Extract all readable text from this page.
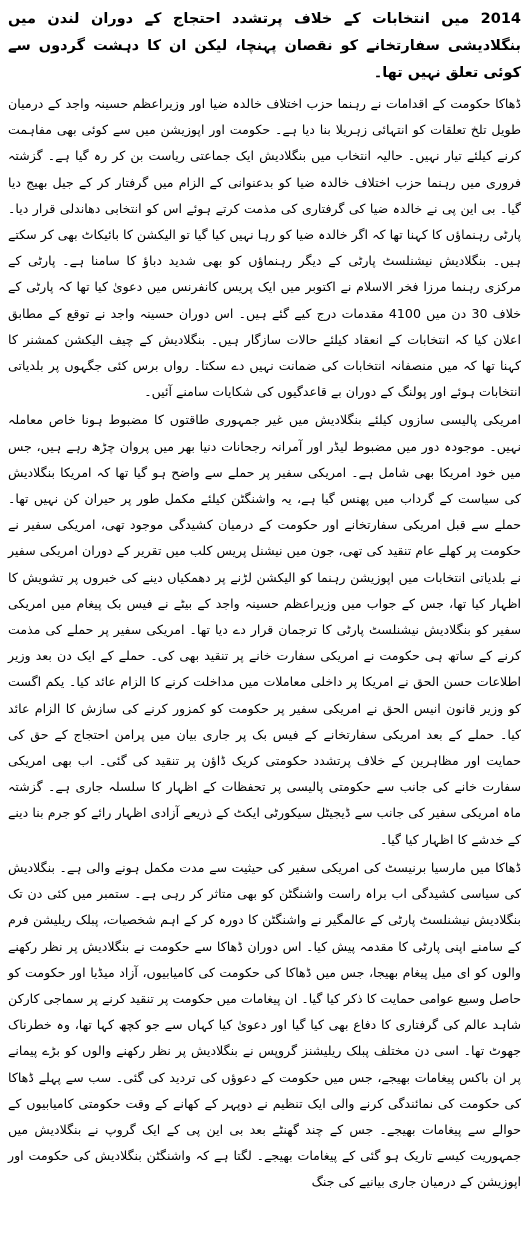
2014 میں انتخابات کے خلاف پرتشدد احتجاج کے دوران لندن میں بنگلادیشی سفارتخانے کو نقصان پہنچا، لیکن ان کا دہشت گردوں سے کوئی تعلق نہیں تھا۔

ڈھاکا حکومت کے اقدامات نے رہنما حزب اختلاف خالدہ ضیا اور وزیراعظم حسینہ واجد کے درمیان طویل تلخ تعلقات کو انتہائی زہریلا بنا دیا ہے۔ حکومت اور اپوزیشن میں سے کوئی بھی مفاہمت کرنے کیلئے تیار نہیں۔ حالیہ انتخاب میں بنگلادیش ایک جماعتی ریاست بن کر رہ گیا ہے۔ گزشتہ فروری میں رہنما حزب اختلاف خالدہ ضیا کو بدعنوانی کے الزام میں گرفتار کر کے جیل بھیج دیا گیا۔ بی این پی نے خالدہ ضیا کی گرفتاری کی مذمت کرتے ہوئے اس کو انتخابی دھاندلی قرار دیا۔ پارٹی رہنماؤں کا کہنا تھا کہ اگر خالدہ ضیا کو رہا نہیں کیا گیا تو الیکشن کا بائیکاٹ بھی کر سکتے ہیں۔ بنگلادیش نیشنلسٹ پارٹی کے دیگر رہنماؤں کو بھی شدید دباؤ کا سامنا ہے۔ پارٹی کے مرکزی رہنما مرزا فخر الاسلام نے اکتوبر میں ایک پریس کانفرنس میں دعویٰ کیا تھا کہ پارٹی کے خلاف 30 دن میں 4100 مقدمات درج کیے گئے ہیں۔ اس دوران حسینہ واجد نے توقع کے مطابق اعلان کیا کہ انتخابات کے انعقاد کیلئے حالات سازگار ہیں۔ بنگلادیش کے چیف الیکشن کمشنر کا کہنا تھا کہ میں منصفانہ انتخابات کی ضمانت نہیں دے سکتا۔ رواں برس کئی جگہوں پر بلدیاتی انتخابات ہوئے اور پولنگ کے دوران بے قاعدگیوں کی شکایات سامنے آئیں۔

امریکی پالیسی سازوں کیلئے بنگلادیش میں غیر جمہوری طاقتوں کا مضبوط ہونا خاص معاملہ نہیں۔ موجودہ دور میں مضبوط لیڈر اور آمرانہ رجحانات دنیا بھر میں پروان چڑھ رہے ہیں، جس میں خود امریکا بھی شامل ہے۔ امریکی سفیر پر حملے سے واضح ہو گیا تھا کہ امریکا بنگلادیش کی سیاست کے گرداب میں پھنس گیا ہے، یہ واشنگٹن کیلئے مکمل طور پر حیران کن نہیں تھا۔ حملے سے قبل امریکی سفارتخانے اور حکومت کے درمیان کشیدگی موجود تھی، امریکی سفیر نے حکومت پر کھلے عام تنقید کی تھی، جون میں نیشنل پریس کلب میں تقریر کے دوران امریکی سفیر نے بلدیاتی انتخابات میں اپوزیشن رہنما کو الیکشن لڑنے پر دھمکیاں دینے کی خبروں پر تشویش کا اظہار کیا تھا، جس کے جواب میں وزیراعظم حسینہ واجد کے بیٹے نے فیس بک پیغام میں امریکی سفیر کو بنگلادیش نیشنلسٹ پارٹی کا ترجمان قرار دے دیا تھا۔ امریکی سفیر پر حملے کی مذمت کرنے کے ساتھ ہی حکومت نے امریکی سفارت خانے پر تنقید بھی کی۔ حملے کے ایک دن بعد وزیر اطلاعات حسن الحق نے امریکا پر داخلی معاملات میں مداخلت کرنے کا الزام عائد کیا۔ یکم اگست کو وزیر قانون انیس الحق نے امریکی سفیر پر حکومت کو کمزور کرنے کی سازش کا الزام عائد کیا۔ حملے کے بعد امریکی سفارتخانے کے فیس بک پر جاری بیان میں پرامن احتجاج کے حق کی حمایت اور مظاہرین کے خلاف پرتشدد حکومتی کریک ڈاؤن پر تنقید کی گئی۔ اب بھی امریکی سفارت خانے کی جانب سے حکومتی پالیسی پر تحفظات کے اظہار کا سلسلہ جاری ہے۔ گزشتہ ماہ امریکی سفیر کی جانب سے ڈیجیٹل سیکورٹی ایکٹ کے ذریعے آزادی اظہار رائے کو جرم بنا دینے کے خدشے کا اظہار کیا گیا۔

ڈھاکا میں مارسیا برنیسٹ کی امریکی سفیر کی حیثیت سے مدت مکمل ہونے والی ہے۔ بنگلادیش کی سیاسی کشیدگی اب براہ راست واشنگٹن کو بھی متاثر کر رہی ہے۔ ستمبر میں کئی دن تک بنگلادیش نیشنلسٹ پارٹی کے عالمگیر نے واشنگٹن کا دورہ کر کے اہم شخصیات، پبلک ریلیشن فرم کے سامنے اپنی پارٹی کا مقدمہ پیش کیا۔ اس دوران ڈھاکا سے حکومت نے بنگلادیش پر نظر رکھنے والوں کو ای میل پیغام بھیجا، جس میں ڈھاکا کی حکومت کی کامیابیوں، آزاد میڈیا اور حکومت کو حاصل وسیع عوامی حمایت کا ذکر کیا گیا۔ ان پیغامات میں حکومت پر تنقید کرنے پر سماجی کارکن شاہد عالم کی گرفتاری کا دفاع بھی کیا گیا اور دعویٰ کیا کہاں سے جو کچھ کہا تھا، وہ خطرناک جھوٹ تھا۔ اسی دن مختلف پبلک ریلیشنز گروپس نے بنگلادیش پر نظر رکھنے والوں کو بڑے پیمانے پر ان باکس پیغامات بھیجے، جس میں حکومت کے دعوؤں کی تردید کی گئی۔ سب سے پہلے ڈھاکا کی حکومت کی نمائندگی کرنے والی ایک تنظیم نے دوپہر کے کھانے کے وقت حکومتی کامیابیوں کے حوالے سے پیغامات بھیجے۔ جس کے چند گھنٹے بعد بی این پی کے ایک گروپ نے بنگلادیش میں جمہوریت کیسے تاریک ہو گئی کے پیغامات بھیجے۔ لگتا ہے کہ واشنگٹن بنگلادیش کی حکومت اور اپوزیشن کے درمیان جاری بیانیے کی جنگ
